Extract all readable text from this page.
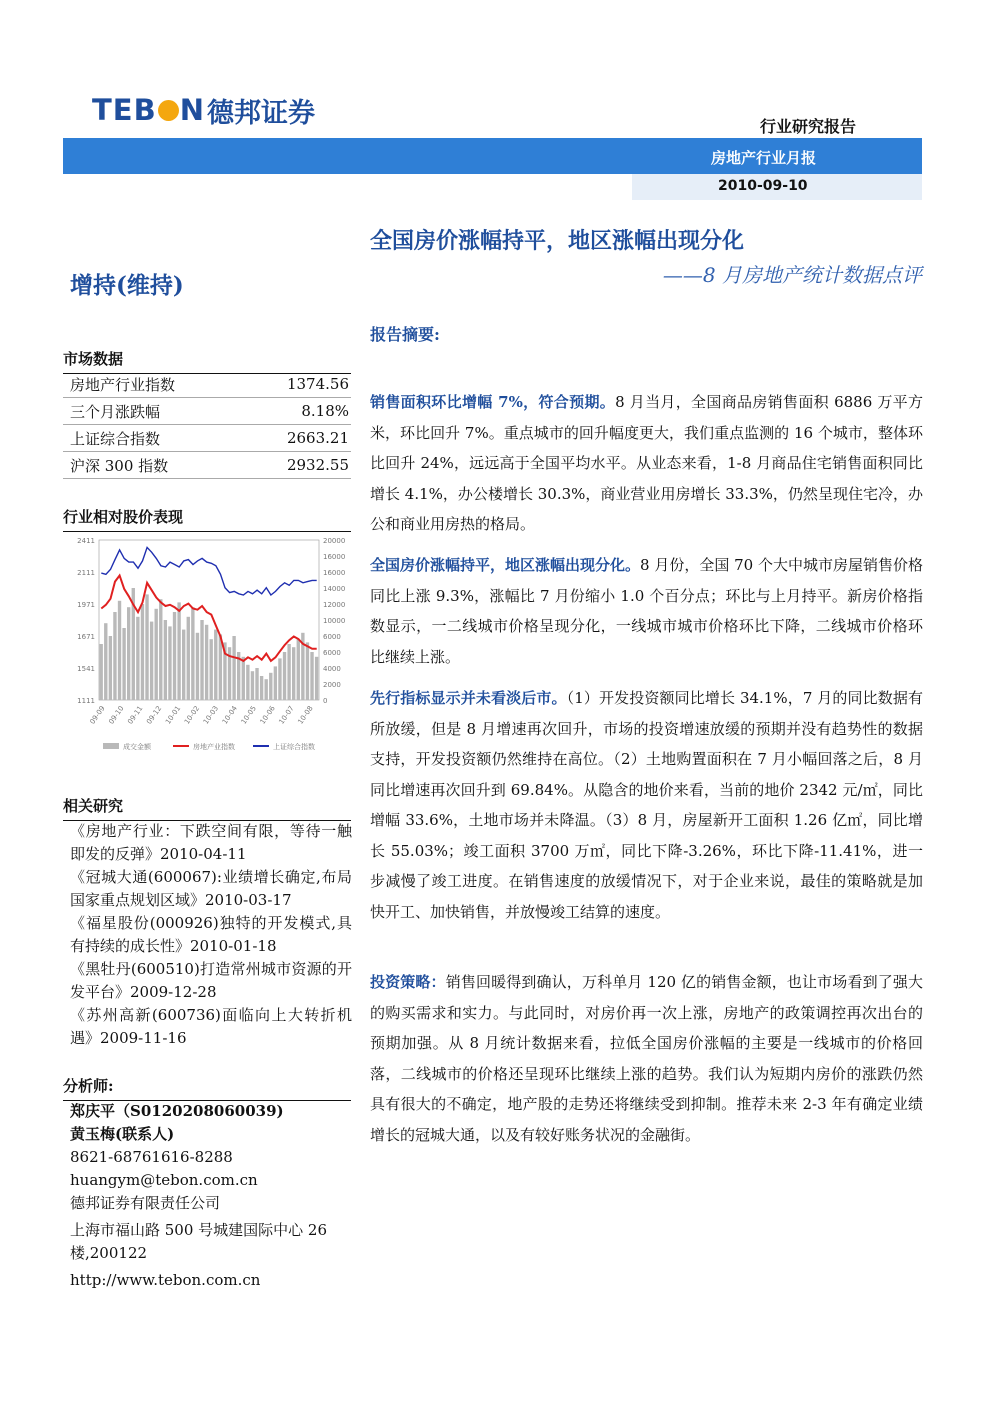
TEB N 德邦证券	行业研究报告
房地产行业月报
2010-09-10
全国房价涨幅持平，地区涨幅出现分化
——8 月房地产统计数据点评
增持(维持)
市场数据
房地产行业指数	1374.56
三个月涨跌幅	8.18%
上证综合指数	2663.21
沪深 300 指数	2932.55
行业相对股价表现
2411
2111
1971
1671
1541
1111
20000
16000
16000
14000
12000
10000
6000
6000
4000
2000
0
09-09 09-10 09-11 09-12 10-01 10-02 10-03 10-04 10-05 10-06 10-07 10-08
成交金额	房地产业指数	上证综合指数
相关研究

《房地产行业：下跌空间有限，等待一触即发的反弹》2010-04-11

《冠城大通(600067):业绩增长确定,布局国家重点规划区域》2010-03-17

《福星股份(000926)独特的开发模式,具有持续的成长性》2010-01-18

《黑牡丹(600510)打造常州城市资源的开发平台》2009-12-28

《苏州高新(600736)面临向上大转折机遇》2009-11-16

分析师:

郑庆平（S0120208060039)

黄玉梅(联系人)

8621-68761616-8288

huangym@tebon.com.cn

德邦证券有限责任公司

上海市福山路 500 号城建国际中心 26 楼,200122

http://www.tebon.com.cn

报告摘要:

销售面积环比增幅 7%，符合预期。8 月当月，全国商品房销售面积 6886 万平方米，环比回升 7%。重点城市的回升幅度更大，我们重点监测的 16 个城市，整体环比回升 24%，远远高于全国平均水平。从业态来看，1-8 月商品住宅销售面积同比增长 4.1%，办公楼增长 30.3%，商业营业用房增长 33.3%，仍然呈现住宅冷，办公和商业用房热的格局。

全国房价涨幅持平，地区涨幅出现分化。8 月份，全国 70 个大中城市房屋销售价格同比上涨 9.3%，涨幅比 7 月份缩小 1.0 个百分点；环比与上月持平。新房价格指数显示，一二线城市价格呈现分化，一线城市城市价格环比下降，二线城市价格环比继续上涨。

先行指标显示并未看淡后市。（1）开发投资额同比增长 34.1%，7 月的同比数据有所放缓，但是 8 月增速再次回升，市场的投资增速放缓的预期并没有趋势性的数据支持，开发投资额仍然维持在高位。（2）土地购置面积在 7 月小幅回落之后，8 月同比增速再次回升到 69.84%。从隐含的地价来看，当前的地价 2342 元/㎡，同比增幅 33.6%，土地市场并未降温。（3）8 月，房屋新开工面积 1.26 亿㎡，同比增长 55.03%；竣工面积 3700 万㎡，同比下降-3.26%，环比下降-11.41%，进一步减慢了竣工进度。在销售速度的放缓情况下，对于企业来说，最佳的策略就是加快开工、加快销售，并放慢竣工结算的速度。

投资策略：销售回暖得到确认，万科单月 120 亿的销售金额，也让市场看到了强大的购买需求和实力。与此同时，对房价再一次上涨，房地产的政策调控再次出台的预期加强。从 8 月统计数据来看，拉低全国房价涨幅的主要是一线城市的价格回落，二线城市的价格还呈现环比继续上涨的趋势。我们认为短期内房价的涨跌仍然具有很大的不确定，地产股的走势还将继续受到抑制。推荐未来 2-3 年有确定业绩增长的冠城大通，以及有较好账务状况的金融街。
